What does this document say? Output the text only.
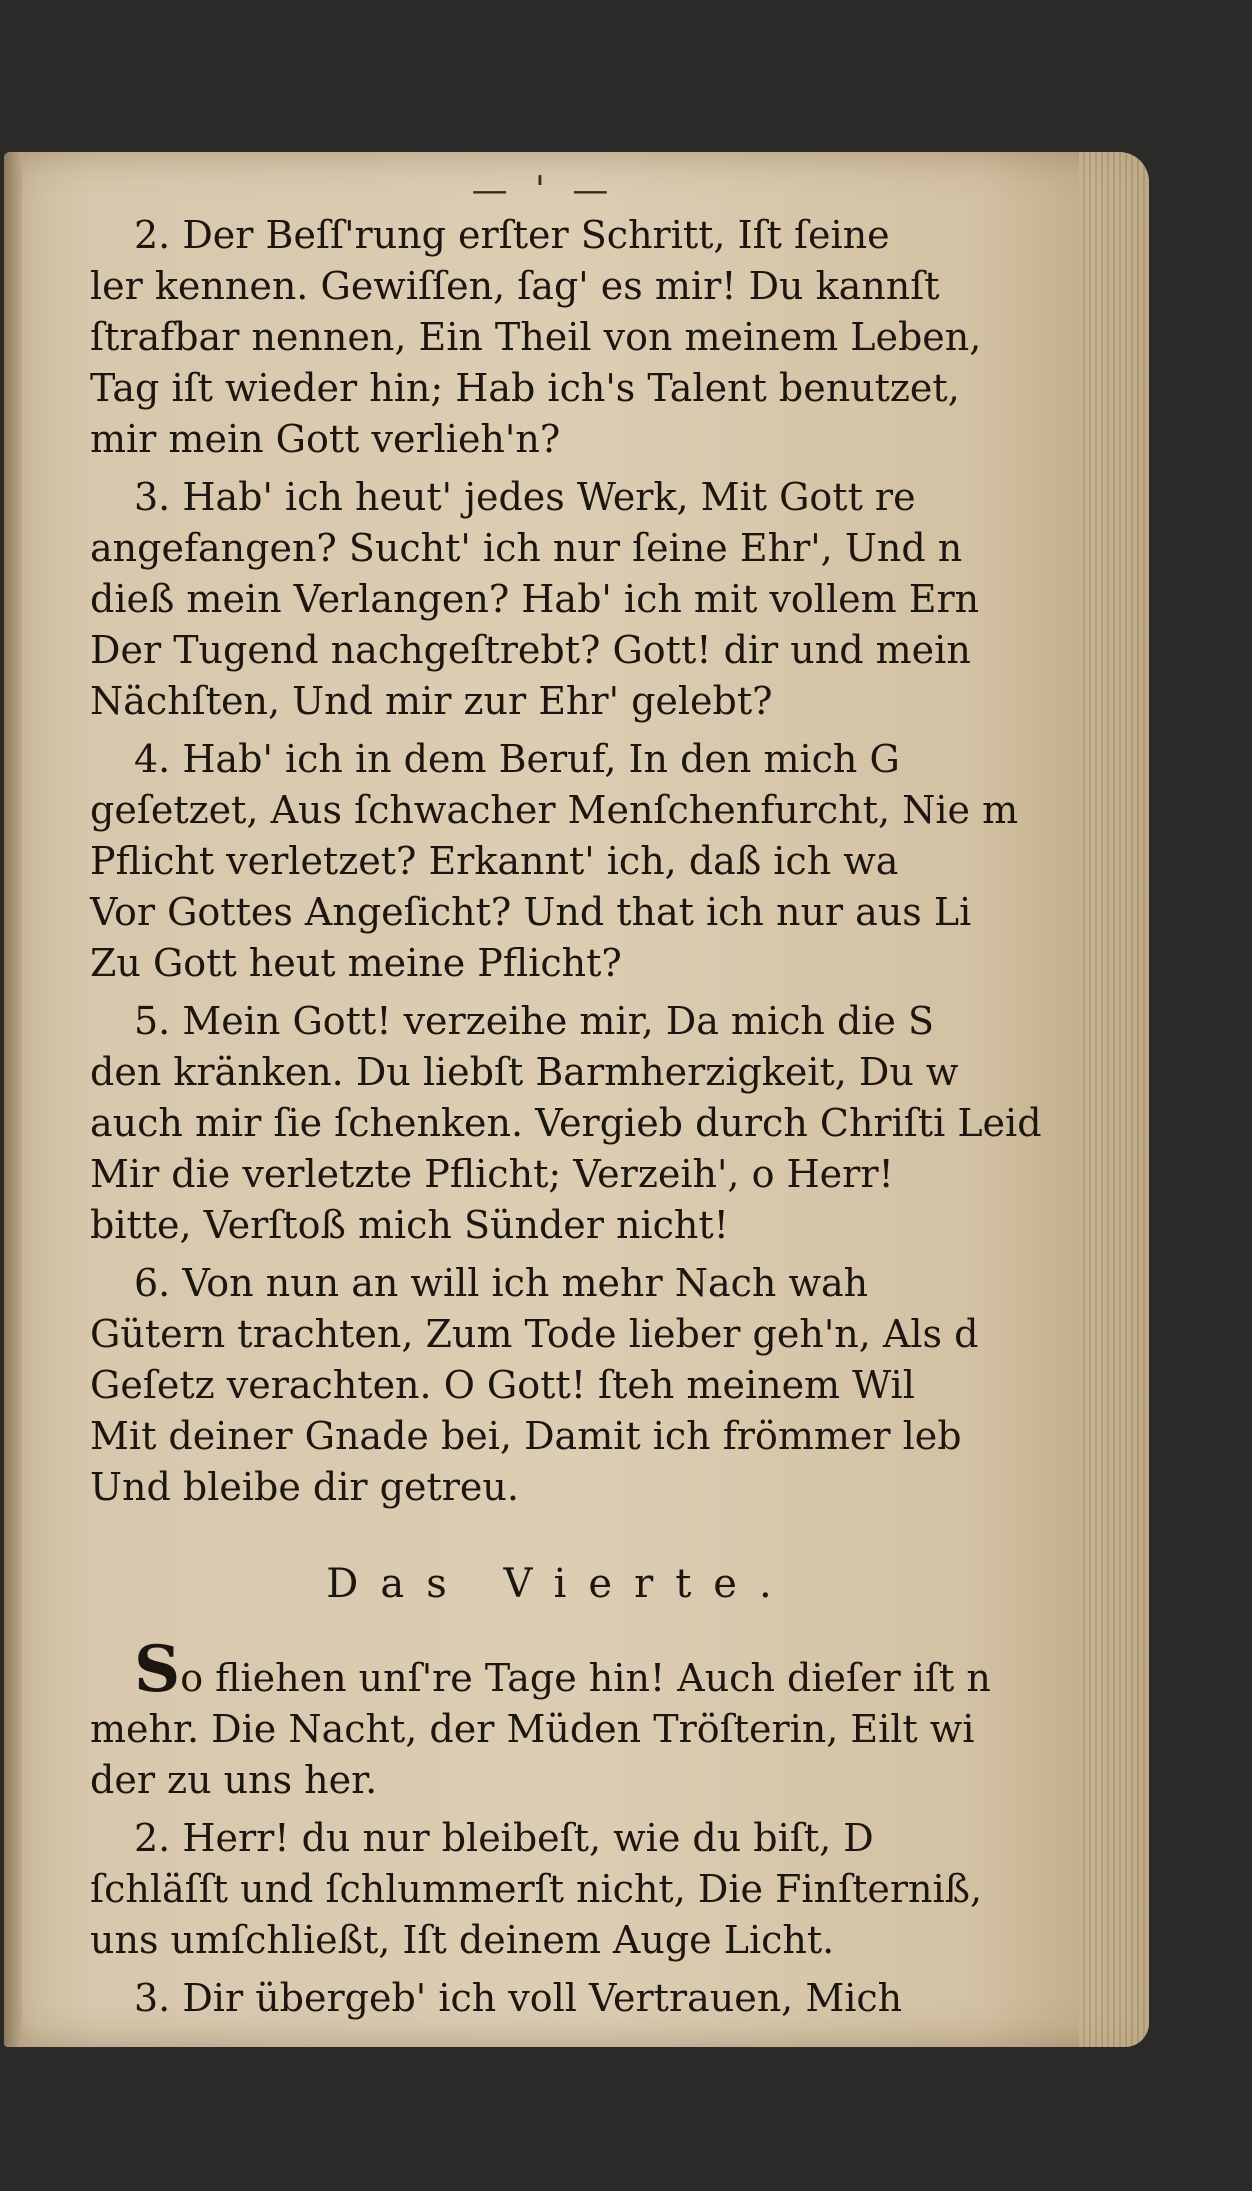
— ' —

2. Der Beſſ'rung erſter Schritt, Iſt ſeine

ler kennen. Gewiſſen, ſag' es mir! Du kannſt

ſtrafbar nennen, Ein Theil von meinem Leben,

Tag iſt wieder hin; Hab ich's Talent benutzet,

mir mein Gott verlieh'n?

3. Hab' ich heut' jedes Werk, Mit Gott re

angefangen? Sucht' ich nur ſeine Ehr', Und n

dieß mein Verlangen? Hab' ich mit vollem Ern

Der Tugend nachgeſtrebt? Gott! dir und mein

Nächſten, Und mir zur Ehr' gelebt?

4. Hab' ich in dem Beruf, In den mich G

geſetzet, Aus ſchwacher Menſchenfurcht, Nie m

Pflicht verletzet? Erkannt' ich, daß ich wa

Vor Gottes Angeſicht? Und that ich nur aus Li

Zu Gott heut meine Pflicht?

5. Mein Gott! verzeihe mir, Da mich die S

den kränken. Du liebſt Barmherzigkeit, Du w

auch mir ſie ſchenken. Vergieb durch Chriſti Leid

Mir die verletzte Pflicht; Verzeih', o Herr!

bitte, Verſtoß mich Sünder nicht!

6. Von nun an will ich mehr Nach wah

Gütern trachten, Zum Tode lieber geh'n, Als d

Geſetz verachten. O Gott! ſteh meinem Wil

Mit deiner Gnade bei, Damit ich frömmer leb

Und bleibe dir getreu.

Das Vierte.

So fliehen unſ're Tage hin! Auch dieſer iſt n

mehr. Die Nacht, der Müden Tröſterin, Eilt wi

der zu uns her.

2. Herr! du nur bleibeſt, wie du biſt, D

ſchläſſt und ſchlummerſt nicht, Die Finſterniß,

uns umſchließt, Iſt deinem Auge Licht.

3. Dir übergeb' ich voll Vertrauen, Mich
